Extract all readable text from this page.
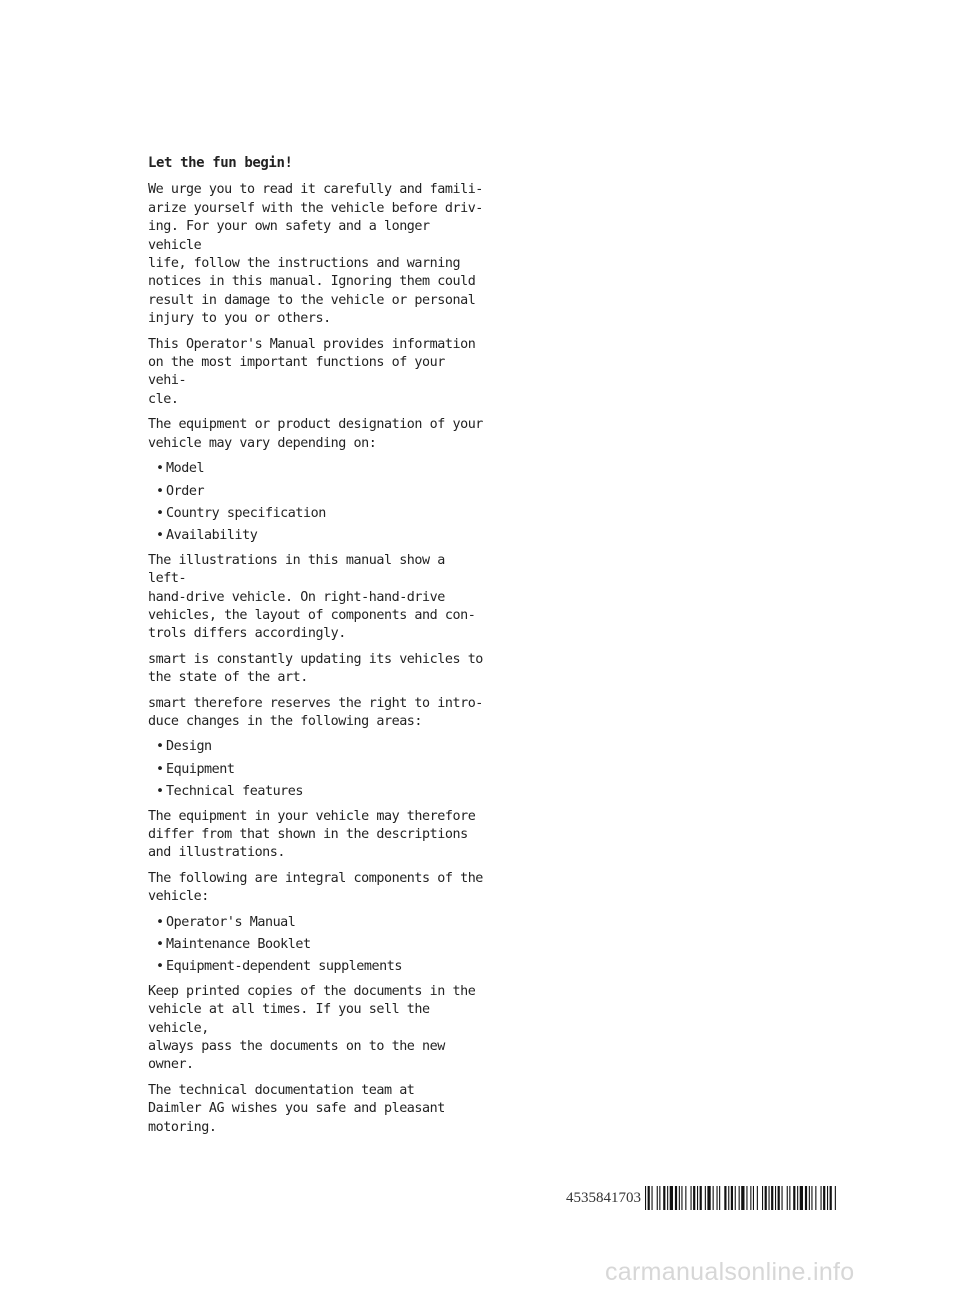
Let the fun begin!

We urge you to read it carefully and famili-
arize yourself with the vehicle before driv-
ing. For your own safety and a longer vehicle
life, follow the instructions and warning
notices in this manual. Ignoring them could
result in damage to the vehicle or personal
injury to you or others.

This Operator's Manual provides information
on the most important functions of your vehi-
cle.

The equipment or product designation of your
vehicle may vary depending on:

• Model
• Order
• Country specification
• Availability

The illustrations in this manual show a left-
hand-drive vehicle. On right-hand-drive
vehicles, the layout of components and con-
trols differs accordingly.

smart is constantly updating its vehicles to
the state of the art.

smart therefore reserves the right to intro-
duce changes in the following areas:

• Design
• Equipment
• Technical features

The equipment in your vehicle may therefore
differ from that shown in the descriptions
and illustrations.

The following are integral components of the
vehicle:

• Operator's Manual
• Maintenance Booklet
• Equipment-dependent supplements

Keep printed copies of the documents in the
vehicle at all times. If you sell the vehicle,
always pass the documents on to the new owner.

The technical documentation team at
Daimler AG wishes you safe and pleasant
motoring.

4535841703
carmanualsonline.info
